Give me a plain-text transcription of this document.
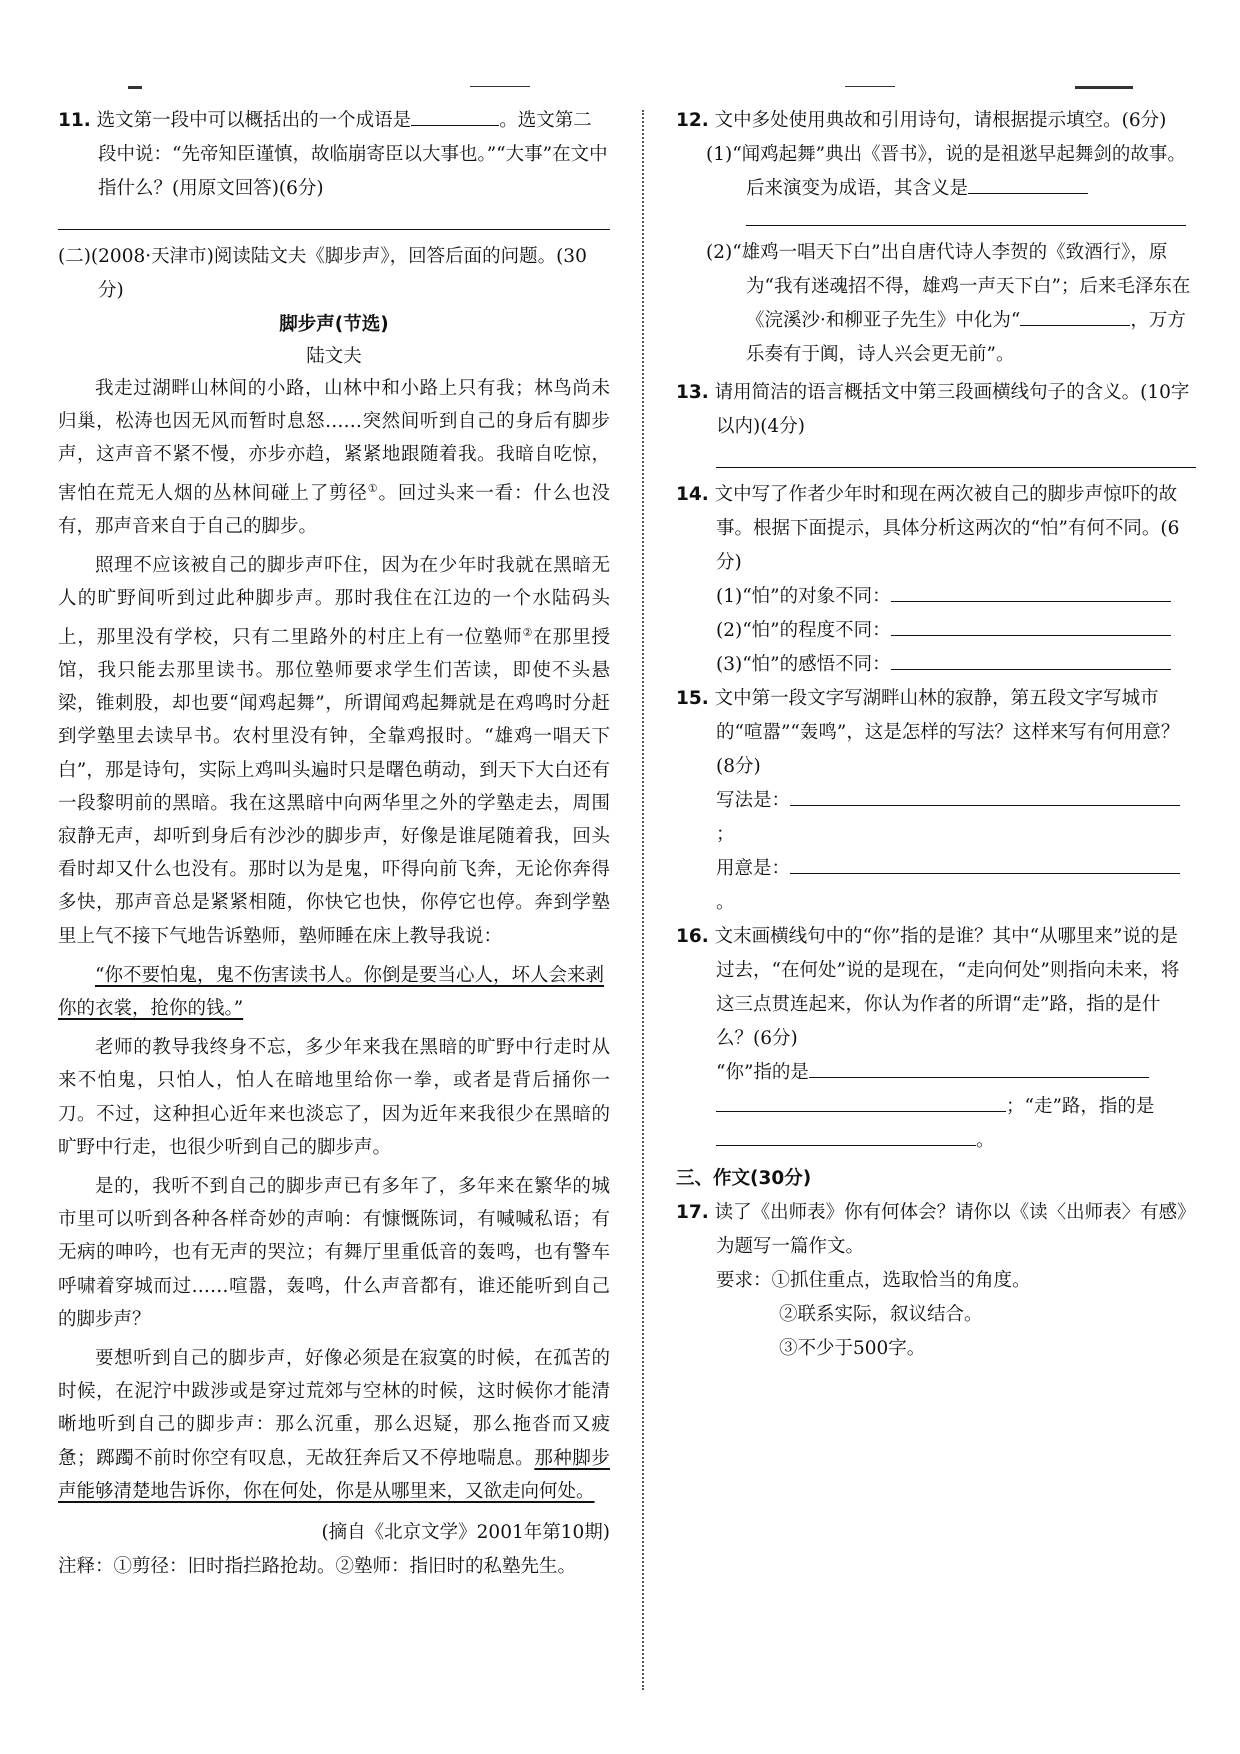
11. 选文第一段中可以概括出的一个成语是	。选文第二段中说：“先帝知臣谨慎，故临崩寄臣以大事也。”“大事”在文中指什么？(用原文回答)(6分)
(二)(2008·天津市)阅读陆文夫《脚步声》，回答后面的问题。(30分)
脚步声(节选)
陆文夫

我走过湖畔山林间的小路，山林中和小路上只有我；林鸟尚未归巢，松涛也因无风而暂时息怒……突然间听到自己的身后有脚步声，这声音不紧不慢，亦步亦趋，紧紧地跟随着我。我暗自吃惊，害怕在荒无人烟的丛林间碰上了剪径①。回过头来一看：什么也没有，那声音来自于自己的脚步。

照理不应该被自己的脚步声吓住，因为在少年时我就在黑暗无人的旷野间听到过此种脚步声。那时我住在江边的一个水陆码头上，那里没有学校，只有二里路外的村庄上有一位塾师②在那里授馆，我只能去那里读书。那位塾师要求学生们苦读，即使不头悬梁，锥刺股，却也要“闻鸡起舞”，所谓闻鸡起舞就是在鸡鸣时分赶到学塾里去读早书。农村里没有钟，全靠鸡报时。“雄鸡一唱天下白”，那是诗句，实际上鸡叫头遍时只是曙色萌动，到天下大白还有一段黎明前的黑暗。我在这黑暗中向两华里之外的学塾走去，周围寂静无声，却听到身后有沙沙的脚步声，好像是谁尾随着我，回头看时却又什么也没有。那时以为是鬼，吓得向前飞奔，无论你奔得多快，那声音总是紧紧相随，你快它也快，你停它也停。奔到学塾里上气不接下气地告诉塾师，塾师睡在床上教导我说：

“你不要怕鬼，鬼不伤害读书人。你倒是要当心人，坏人会来剥你的衣裳，抢你的钱。”

老师的教导我终身不忘，多少年来我在黑暗的旷野中行走时从来不怕鬼，只怕人，怕人在暗地里给你一拳，或者是背后捅你一刀。不过，这种担心近年来也淡忘了，因为近年来我很少在黑暗的旷野中行走，也很少听到自己的脚步声。

是的，我听不到自己的脚步声已有多年了，多年来在繁华的城市里可以听到各种各样奇妙的声响：有慷慨陈词，有喊喊私语；有无病的呻吟，也有无声的哭泣；有舞厅里重低音的轰鸣，也有警车呼啸着穿城而过……喧嚣，轰鸣，什么声音都有，谁还能听到自己的脚步声？

要想听到自己的脚步声，好像必须是在寂寞的时候，在孤苦的时候，在泥泞中跋涉或是穿过荒郊与空林的时候，这时候你才能清晰地听到自己的脚步声：那么沉重，那么迟疑，那么拖沓而又疲惫；踯躅不前时你空有叹息，无故狂奔后又不停地喘息。那种脚步声能够清楚地告诉你，你在何处，你是从哪里来，又欲走向何处。

(摘自《北京文学》2001年第10期)
注释：①剪径：旧时指拦路抢劫。②塾师：指旧时的私塾先生。
12. 文中多处使用典故和引用诗句，请根据提示填空。(6分)
(1)“闻鸡起舞”典出《晋书》，说的是祖逖早起舞剑的故事。后来演变为成语，其含义是
(2)“雄鸡一唱天下白”出自唐代诗人李贺的《致酒行》，原为“我有迷魂招不得，雄鸡一声天下白”；后来毛泽东在《浣溪沙·和柳亚子先生》中化为“	，万方乐奏有于阗，诗人兴会更无前”。
13. 请用简洁的语言概括文中第三段画横线句子的含义。(10字以内)(4分)
14. 文中写了作者少年时和现在两次被自己的脚步声惊吓的故事。根据下面提示，具体分析这两次的“怕”有何不同。(6分)
(1)“怕”的对象不同：
(2)“怕”的程度不同：
(3)“怕”的感悟不同：
15. 文中第一段文字写湖畔山林的寂静，第五段文字写城市的“喧嚣”“轰鸣”，这是怎样的写法？这样来写有何用意？(8分)
写法是：；
用意是：。
16. 文末画横线句中的“你”指的是谁？其中“从哪里来”说的是过去，“在何处”说的是现在，“走向何处”则指向未来，将这三点贯连起来，你认为作者的所谓“走”路，指的是什么？(6分)
“你”指的是
；“走”路，指的是
。
三、作文(30分)
17. 读了《出师表》你有何体会？请你以《读〈出师表〉有感》为题写一篇作文。
要求：①抓住重点，选取恰当的角度。
②联系实际，叙议结合。
③不少于500字。
